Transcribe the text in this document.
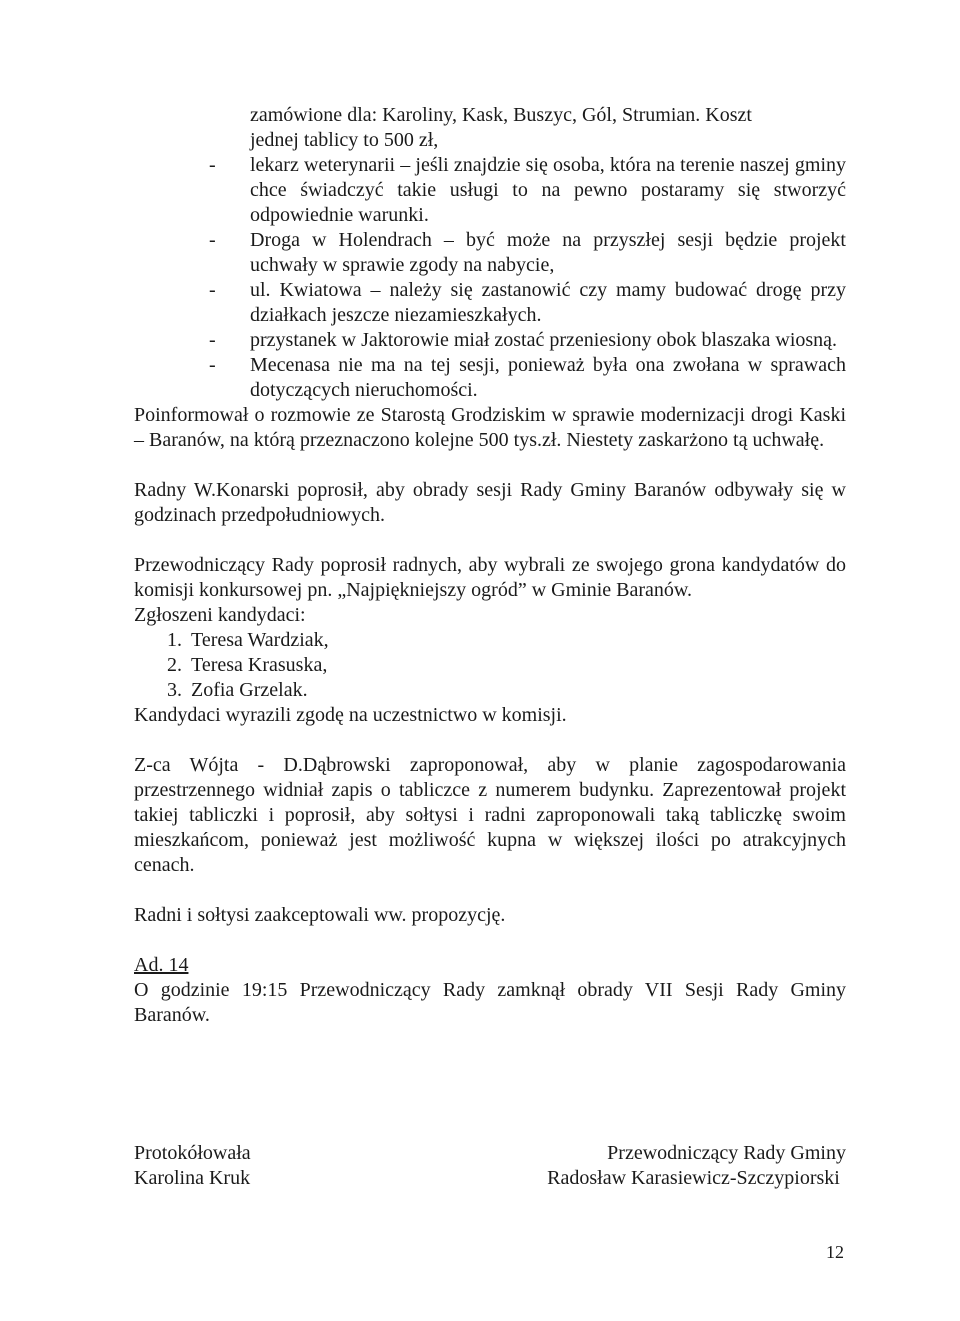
zamówione dla: Karoliny, Kask, Buszyc, Gól, Strumian. Koszt

jednej tablicy to 500 zł,

- lekarz weterynarii – jeśli znajdzie się osoba, która na terenie naszej gminy chce świadczyć takie usługi to na pewno postaramy się stworzyć odpowiednie warunki.
- Droga w Holendrach – być może na przyszłej sesji będzie projekt uchwały w sprawie zgody na nabycie,
- ul. Kwiatowa – należy się zastanowić czy mamy budować drogę przy działkach jeszcze niezamieszkałych.
- przystanek w Jaktorowie miał zostać przeniesiony obok blaszaka wiosną.
- Mecenasa nie ma na tej sesji, ponieważ była ona zwołana w sprawach dotyczących nieruchomości.

Poinformował o rozmowie ze Starostą Grodziskim w sprawie modernizacji drogi Kaski – Baranów, na którą przeznaczono kolejne 500 tys.zł. Niestety zaskarżono tą uchwałę.

Radny W.Konarski poprosił, aby obrady sesji Rady Gminy Baranów odbywały się w godzinach przedpołudniowych.

Przewodniczący Rady poprosił radnych, aby wybrali ze swojego grona kandydatów do komisji konkursowej pn. „Najpiękniejszy ogród” w Gminie Baranów.

Zgłoszeni kandydaci:

1. Teresa Wardziak,
2. Teresa Krasuska,
3. Zofia Grzelak.

Kandydaci wyrazili zgodę na uczestnictwo w komisji.

Z-ca Wójta - D.Dąbrowski zaproponował, aby w planie zagospodarowania przestrzennego widniał zapis o tabliczce z numerem budynku. Zaprezentował projekt takiej tabliczki i poprosił, aby sołtysi i radni zaproponowali taką tabliczkę swoim mieszkańcom, ponieważ jest możliwość kupna w większej ilości po atrakcyjnych cenach.

Radni i sołtysi zaakceptowali ww. propozycję.

Ad. 14

O godzinie 19:15 Przewodniczący Rady zamknął obrady VII Sesji Rady Gminy Baranów.

Protokółowała
Karolina Kruk
Przewodniczący Rady Gminy
Radosław Karasiewicz-Szczypiorski
12
